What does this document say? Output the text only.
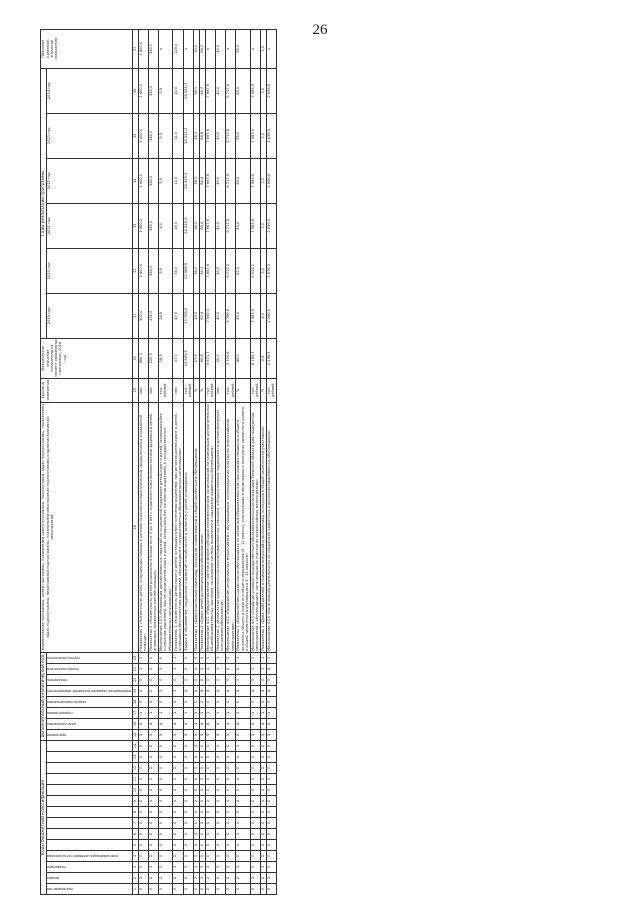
26
Коды бюджетной классификации														Дополнительный аналитический код								Наименование программы, целей программы, показателей целей программы, подпрограмм, задач подпрограммы, показателей задач подпрограммы, мероприятий подпрограммы, показателей мероприятий подпрограммы и административных мероприятий	Единица измерения	Фактическое значение показателя на момент разработки программы, 2014 год	Годы реализации программы						Плановое (целевое) значение показателя

код ведомства	раздел	подраздел	классификация целевой статьи расхода											программа	цель программы	подпрограмма	задача подпрограммы	мероприятие (административное мероприятие)	показатель	номер показателя	группа показателя				2019 год	2020 год	2021 год	2022 год	2023 год	2024 год	
1	2	3	4	5	6	7	8	9	10	11	12	13	14	15	16	17	18	19	20	21	22	28	29	30	31	32	33	34	35	36	37
0	2	3	0	0	0	0	0	0	0	0	0	0	0	5	4	1	0	2	0	1	0	Показатель 1 «Численность детей, получающих помощь в центрах психолого-педагогической, медицинской и социальной помощи»	чел.	880,0	900,0	1 400,0	1 400,0	1 400,0	1 400,0	1 400,0	1 400,0
0	2	3	0	0	0	0	0	0	0	0	0	0	0	5	4	1	0	2	0	2	0	Показатель 2 «Численность детей дошкольного возраста от 2 до 3 лет с ограниченными возможностями здоровья и детей-инвалидов, охваченных ранней помощью»	чел.	220,0	290,0	540,0	540,0	540,0	540,0	540,0	540,0
0	2	3	0	0	0	0	0	0	0	0	0	0	0	5	4	1	0	3	0	1	0	Мероприятие 1.03 «Реализация дополнительных гарантий по социальной поддержке детей-сирот и детей, оставшихся без попечения родителей, лиц из числа детей-сирот и детей, оставшихся без попечения родителей, в государственных образовательных организациях»	тыс. рублей	18,5	24,5	5,5	4,0	5,5	5,5	5,5	х
0	2	3	0	0	0	0	0	0	0	0	0	0	0	5	4	1	0	3	0	1	1	Показатель 1 «Численность детей-сирот и детей, оставшихся без попечения родителей, лиц из числа детей-сирот и детей, оставшихся без попечения родителей, обучающихся в государственных образовательных организациях»	чел.	37,0	47,0	35,0	18,0	11,0	11,0	11,0	129,0
0	2	3	0	0	0	0	0	0	0	0	0	0	0	5	4	1	0	4	0	0	0	Задача 4 «Выявление, поддержка и развитие способностей и талантов у детей и молодежи»	тыс. рублей	19 863,5	23 726,0	22 985,5	24 525,3	24 525,3	24 525,3	24 525,3	х
0	2	3	0	0	0	0	0	0	0	0	0	0	0	5	4	1	0	4	0	1	0	Показатель 1 «Доля участников олимпиад, конкурсов, соревнований в общей численности обучающихся»	%	17,9	29,0	38,1	38,1	38,1	38,1	38,1	39,0
0	2	3	0	0	0	0	0	0	0	0	0	0	0	5	4	1	0	4	0	2	0	Показатель 2 «Охват детей дополнительным образованием»	%	60,8	63,9	64,3	64,4	64,4	64,6	64,7	64,7
0	2	3	0	0	0	0	0	0	0	0	0	0	0	5	4	1	0	4	0	1	0	Мероприятие 4.01 «Предоставление грантов в форме субсидий некоммерческим организациям на реализацию дополнительных общеобразовательных программ, на развитие системы выявления и поддержки одаренных обучающихся»	тыс. рублей	5 671,7	7 590,0	7 667,6	7 667,6	7 667,6	7 667,6	7 667,6	х
0	2	3	0	0	0	0	0	0	0	0	0	0	0	5	4	1	0	4	0	1	1	Показатель 1 «Количество одаренных и высокомотивированных учащихся, которым оказана поддержка по дополнительным программам образования»	чел.	20,0	40,0	40,0	40,0	40,0	40,0	40,0	40,0
0	2	3	0	0	0	0	0	0	0	0	0	0	0	5	4	1	0	4	0	2	0	Мероприятие 4.02 «Проведение региональных мероприятий с обучающимися, организация их участия во всероссийских мероприятиях»	тыс. рублей	5 709,6	5 786,6	6 717,5	6 717,5	6 717,5	6 717,5	6 717,5	х
0	2	3	0	0	0	0	0	0	0	0	0	0	0	5	4	1	0	4	0	2	1	Показатель 1 «Удельный вес численности обучающихся по основным образовательным программам начального общего, основного общего и среднего общего образования (5 - 11 классы), участвующих в олимпиадах и конкурсах различного уровня, в общей численности обучающихся 5 - 11 классов»	%	49,0	50,0	52,0	53,0	54,0	55,0	55,0	55,0
0	2	3	0	0	0	0	0	0	0	0	0	0	0	5	4	1	0	4	0	3	0	Мероприятие 4.03 «Создание условий государственным образовательным организациям Тверской области для проведения мероприятий с обучающимися, организации их участия во всероссийских мероприятиях»	тыс. рублей	6 185,7	7 583,9	6 024,1	7 583,9	7 583,9	7 583,9	7 583,9	х
0	2	3	0	0	0	0	0	0	0	0	0	0	0	5	4	1	0	4	0	3	1	Показатель 1 «Доля победителей и призеров всероссийских олимпиад, конкурсов в общей численности участников»	%	2,8	4,0	3,0	3,0	3,0	3,0	3,0	3,0
0	2	3	0	0	0	0	0	0	0	0	0	0	0	5	4	1	0	4	0	4	0	Мероприятие 4.04 «Организация деятельности по поддержке одаренных и высокомотивированных обучающихся»	тыс. рублей	2 296,5	2 296,5	2 576,3	2 636,5	2 556,5	2 636,5	2 636,5	х
